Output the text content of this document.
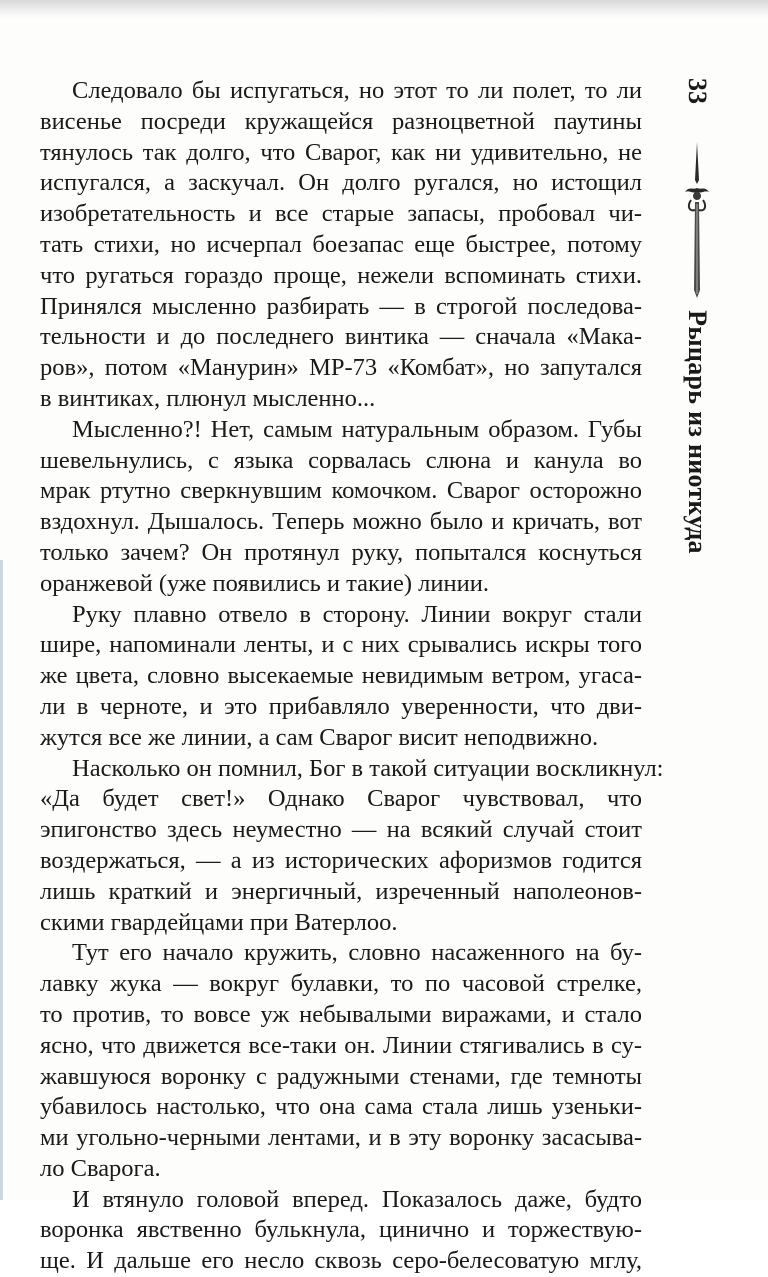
Следовало бы испугаться, но этот то ли полет, то ли
висенье посреди кружащейся разноцветной паутины
тянулось так долго, что Сварог, как ни удивительно, не
испугался, а заскучал. Он долго ругался, но истощил
изобретательность и все старые запасы, пробовал чи-
тать стихи, но исчерпал боезапас еще быстрее, потому
что ругаться гораздо проще, нежели вспоминать стихи.
Принялся мысленно разбирать — в строгой последова-
тельности и до последнего винтика — сначала «Мака-
ров», потом «Манурин» МР-73 «Комбат», но запутался
в винтиках, плюнул мысленно...
Мысленно?! Нет, самым натуральным образом. Губы
шевельнулись, с языка сорвалась слюна и канула во
мрак ртутно сверкнувшим комочком. Сварог осторожно
вздохнул. Дышалось. Теперь можно было и кричать, вот
только зачем? Он протянул руку, попытался коснуться
оранжевой (уже появились и такие) линии.
Руку плавно отвело в сторону. Линии вокруг стали
шире, напоминали ленты, и с них срывались искры того
же цвета, словно высекаемые невидимым ветром, угаса-
ли в черноте, и это прибавляло уверенности, что дви-
жутся все же линии, а сам Сварог висит неподвижно.
Насколько он помнил, Бог в такой ситуации воскликнул:
«Да будет свет!» Однако Сварог чувствовал, что
эпигонство здесь неуместно — на всякий случай стоит
воздержаться, — а из исторических афоризмов годится
лишь краткий и энергичный, изреченный наполеонов-
скими гвардейцами при Ватерлоо.
Тут его начало кружить, словно насаженного на бу-
лавку жука — вокруг булавки, то по часовой стрелке,
то против, то вовсе уж небывалыми виражами, и стало
ясно, что движется все-таки он. Линии стягивались в су-
жавшуюся воронку с радужными стенами, где темноты
убавилось настолько, что она сама стала лишь узеньки-
ми угольно-черными лентами, и в эту воронку засасыва-
ло Сварога.
И втянуло головой вперед. Показалось даже, будто
воронка явственно булькнула, цинично и торжествую-
ще. И дальше его несло сквозь серо-белесоватую мглу,
33
Рыцарь из ниоткуда
